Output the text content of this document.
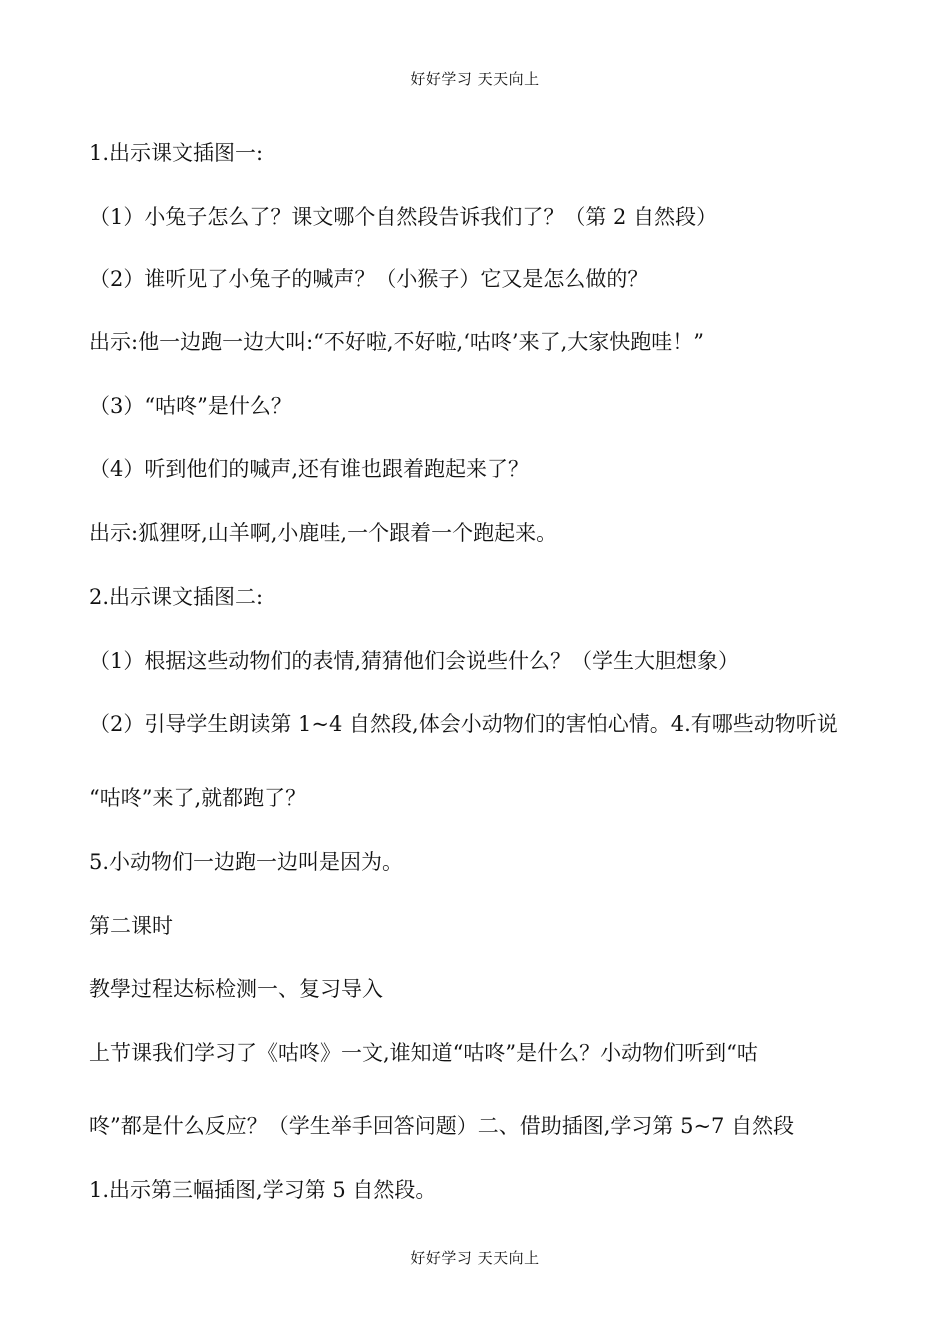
好好学习 天天向上
1.出示课文插图一:
（1）小兔子怎么了？课文哪个自然段告诉我们了？（第 2 自然段）
（2）谁听见了小兔子的喊声？（小猴子）它又是怎么做的？
出示:他一边跑一边大叫:“不好啦,不好啦,‘咕咚’来了,大家快跑哇！”
（3）“咕咚”是什么？
（4）听到他们的喊声,还有谁也跟着跑起来了？
出示:狐狸呀,山羊啊,小鹿哇,一个跟着一个跑起来。
2.出示课文插图二:
（1）根据这些动物们的表情,猜猜他们会说些什么？（学生大胆想象）
（2）引导学生朗读第 1~4 自然段,体会小动物们的害怕心情。4.有哪些动物听说
“咕咚”来了,就都跑了？
5.小动物们一边跑一边叫是因为。
第二课时
教學过程达标检测一、复习导入
上节课我们学习了《咕咚》一文,谁知道“咕咚”是什么？小动物们听到“咕
咚”都是什么反应？（学生举手回答问题）二、借助插图,学习第 5~7 自然段
1.出示第三幅插图,学习第 5 自然段。
好好学习 天天向上
